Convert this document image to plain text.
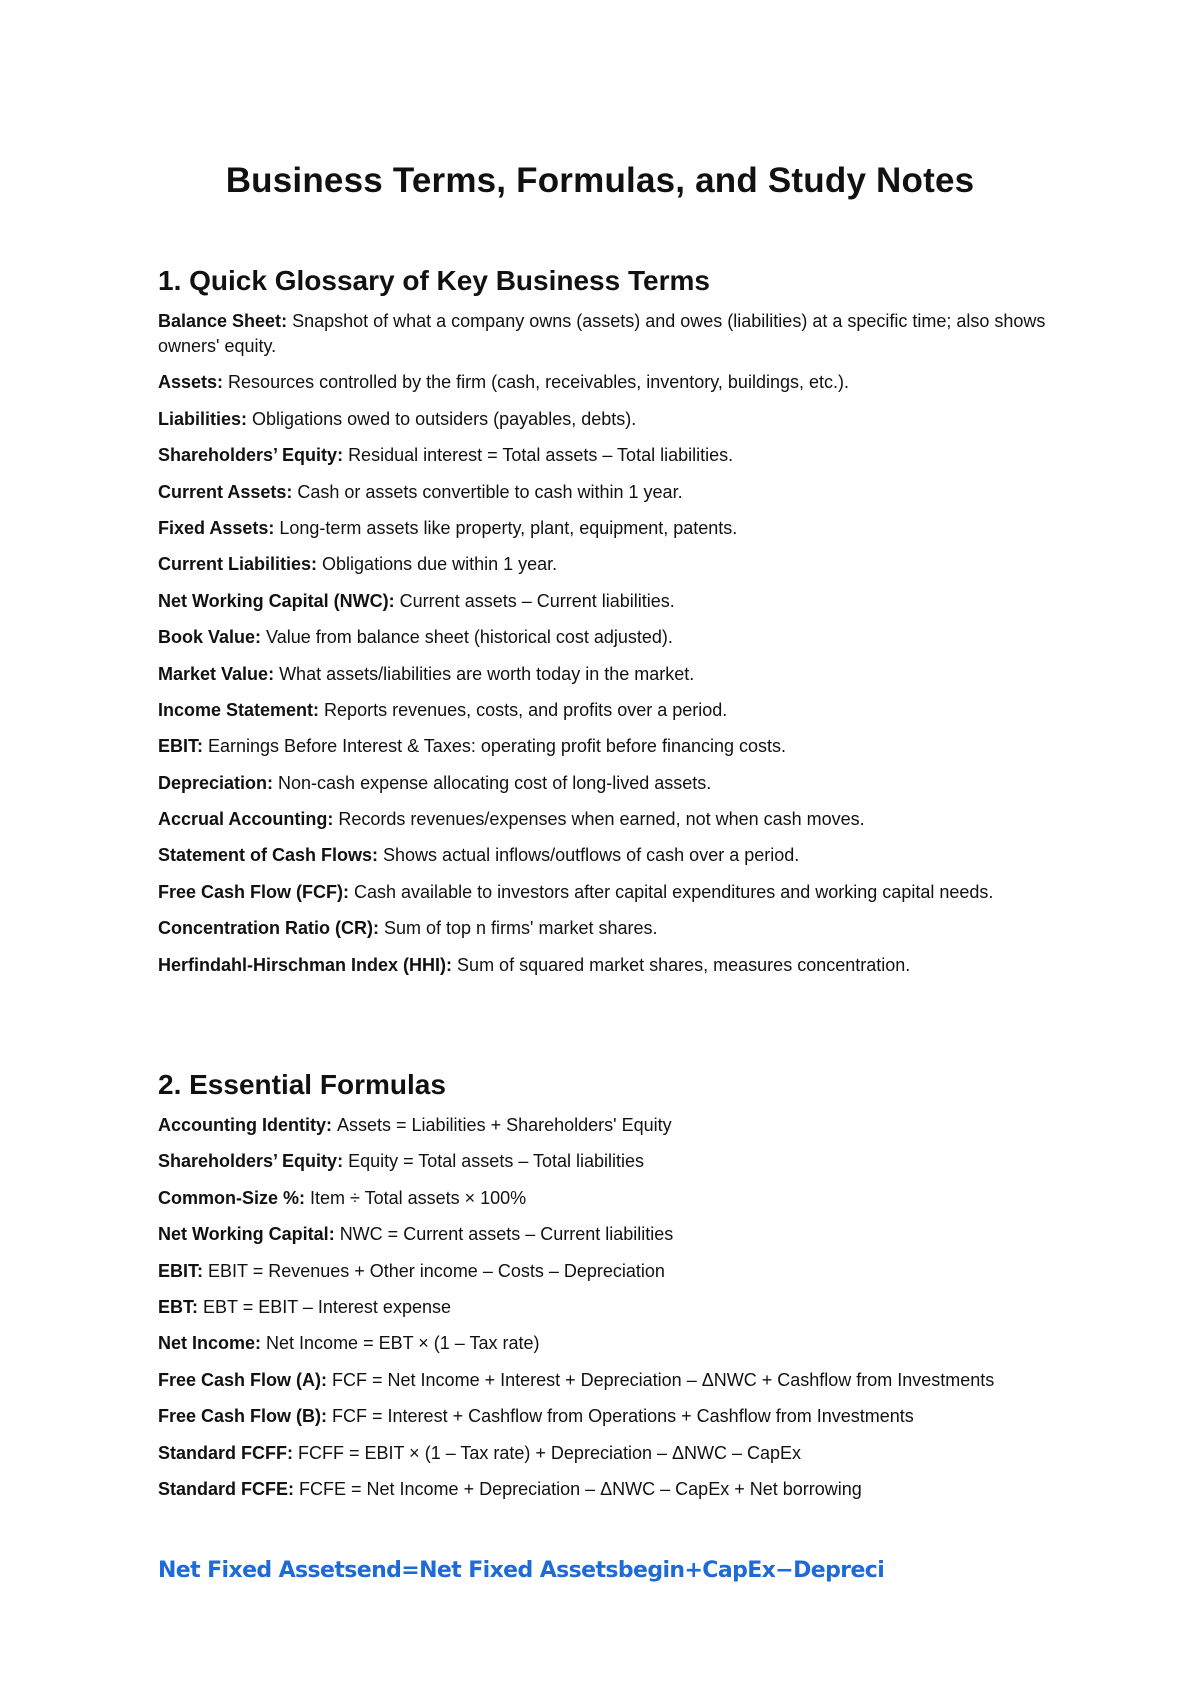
Business Terms, Formulas, and Study Notes
1. Quick Glossary of Key Business Terms

Balance Sheet: Snapshot of what a company owns (assets) and owes (liabilities) at a specific time; also shows owners' equity.

Assets: Resources controlled by the firm (cash, receivables, inventory, buildings, etc.).

Liabilities: Obligations owed to outsiders (payables, debts).

Shareholders’ Equity: Residual interest = Total assets – Total liabilities.

Current Assets: Cash or assets convertible to cash within 1 year.

Fixed Assets: Long-term assets like property, plant, equipment, patents.

Current Liabilities: Obligations due within 1 year.

Net Working Capital (NWC): Current assets – Current liabilities.

Book Value: Value from balance sheet (historical cost adjusted).

Market Value: What assets/liabilities are worth today in the market.

Income Statement: Reports revenues, costs, and profits over a period.

EBIT: Earnings Before Interest & Taxes: operating profit before financing costs.

Depreciation: Non-cash expense allocating cost of long-lived assets.

Accrual Accounting: Records revenues/expenses when earned, not when cash moves.

Statement of Cash Flows: Shows actual inflows/outflows of cash over a period.

Free Cash Flow (FCF): Cash available to investors after capital expenditures and working capital needs.

Concentration Ratio (CR): Sum of top n firms' market shares.

Herfindahl-Hirschman Index (HHI): Sum of squared market shares, measures concentration.

2. Essential Formulas

Accounting Identity: Assets = Liabilities + Shareholders' Equity

Shareholders’ Equity: Equity = Total assets – Total liabilities

Common-Size %: Item ÷ Total assets × 100%

Net Working Capital: NWC = Current assets – Current liabilities

EBIT: EBIT = Revenues + Other income – Costs – Depreciation

EBT: EBT = EBIT – Interest expense

Net Income: Net Income = EBT × (1 – Tax rate)

Free Cash Flow (A): FCF = Net Income + Interest + Depreciation – ΔNWC + Cashflow from Investments

Free Cash Flow (B): FCF = Interest + Cashflow from Operations + Cashflow from Investments

Standard FCFF: FCFF = EBIT × (1 – Tax rate) + Depreciation – ΔNWC – CapEx

Standard FCFE: FCFE = Net Income + Depreciation – ΔNWC – CapEx + Net borrowing

Net Fixed Assetsend=Net Fixed Assetsbegin+CapEx−Depreci
